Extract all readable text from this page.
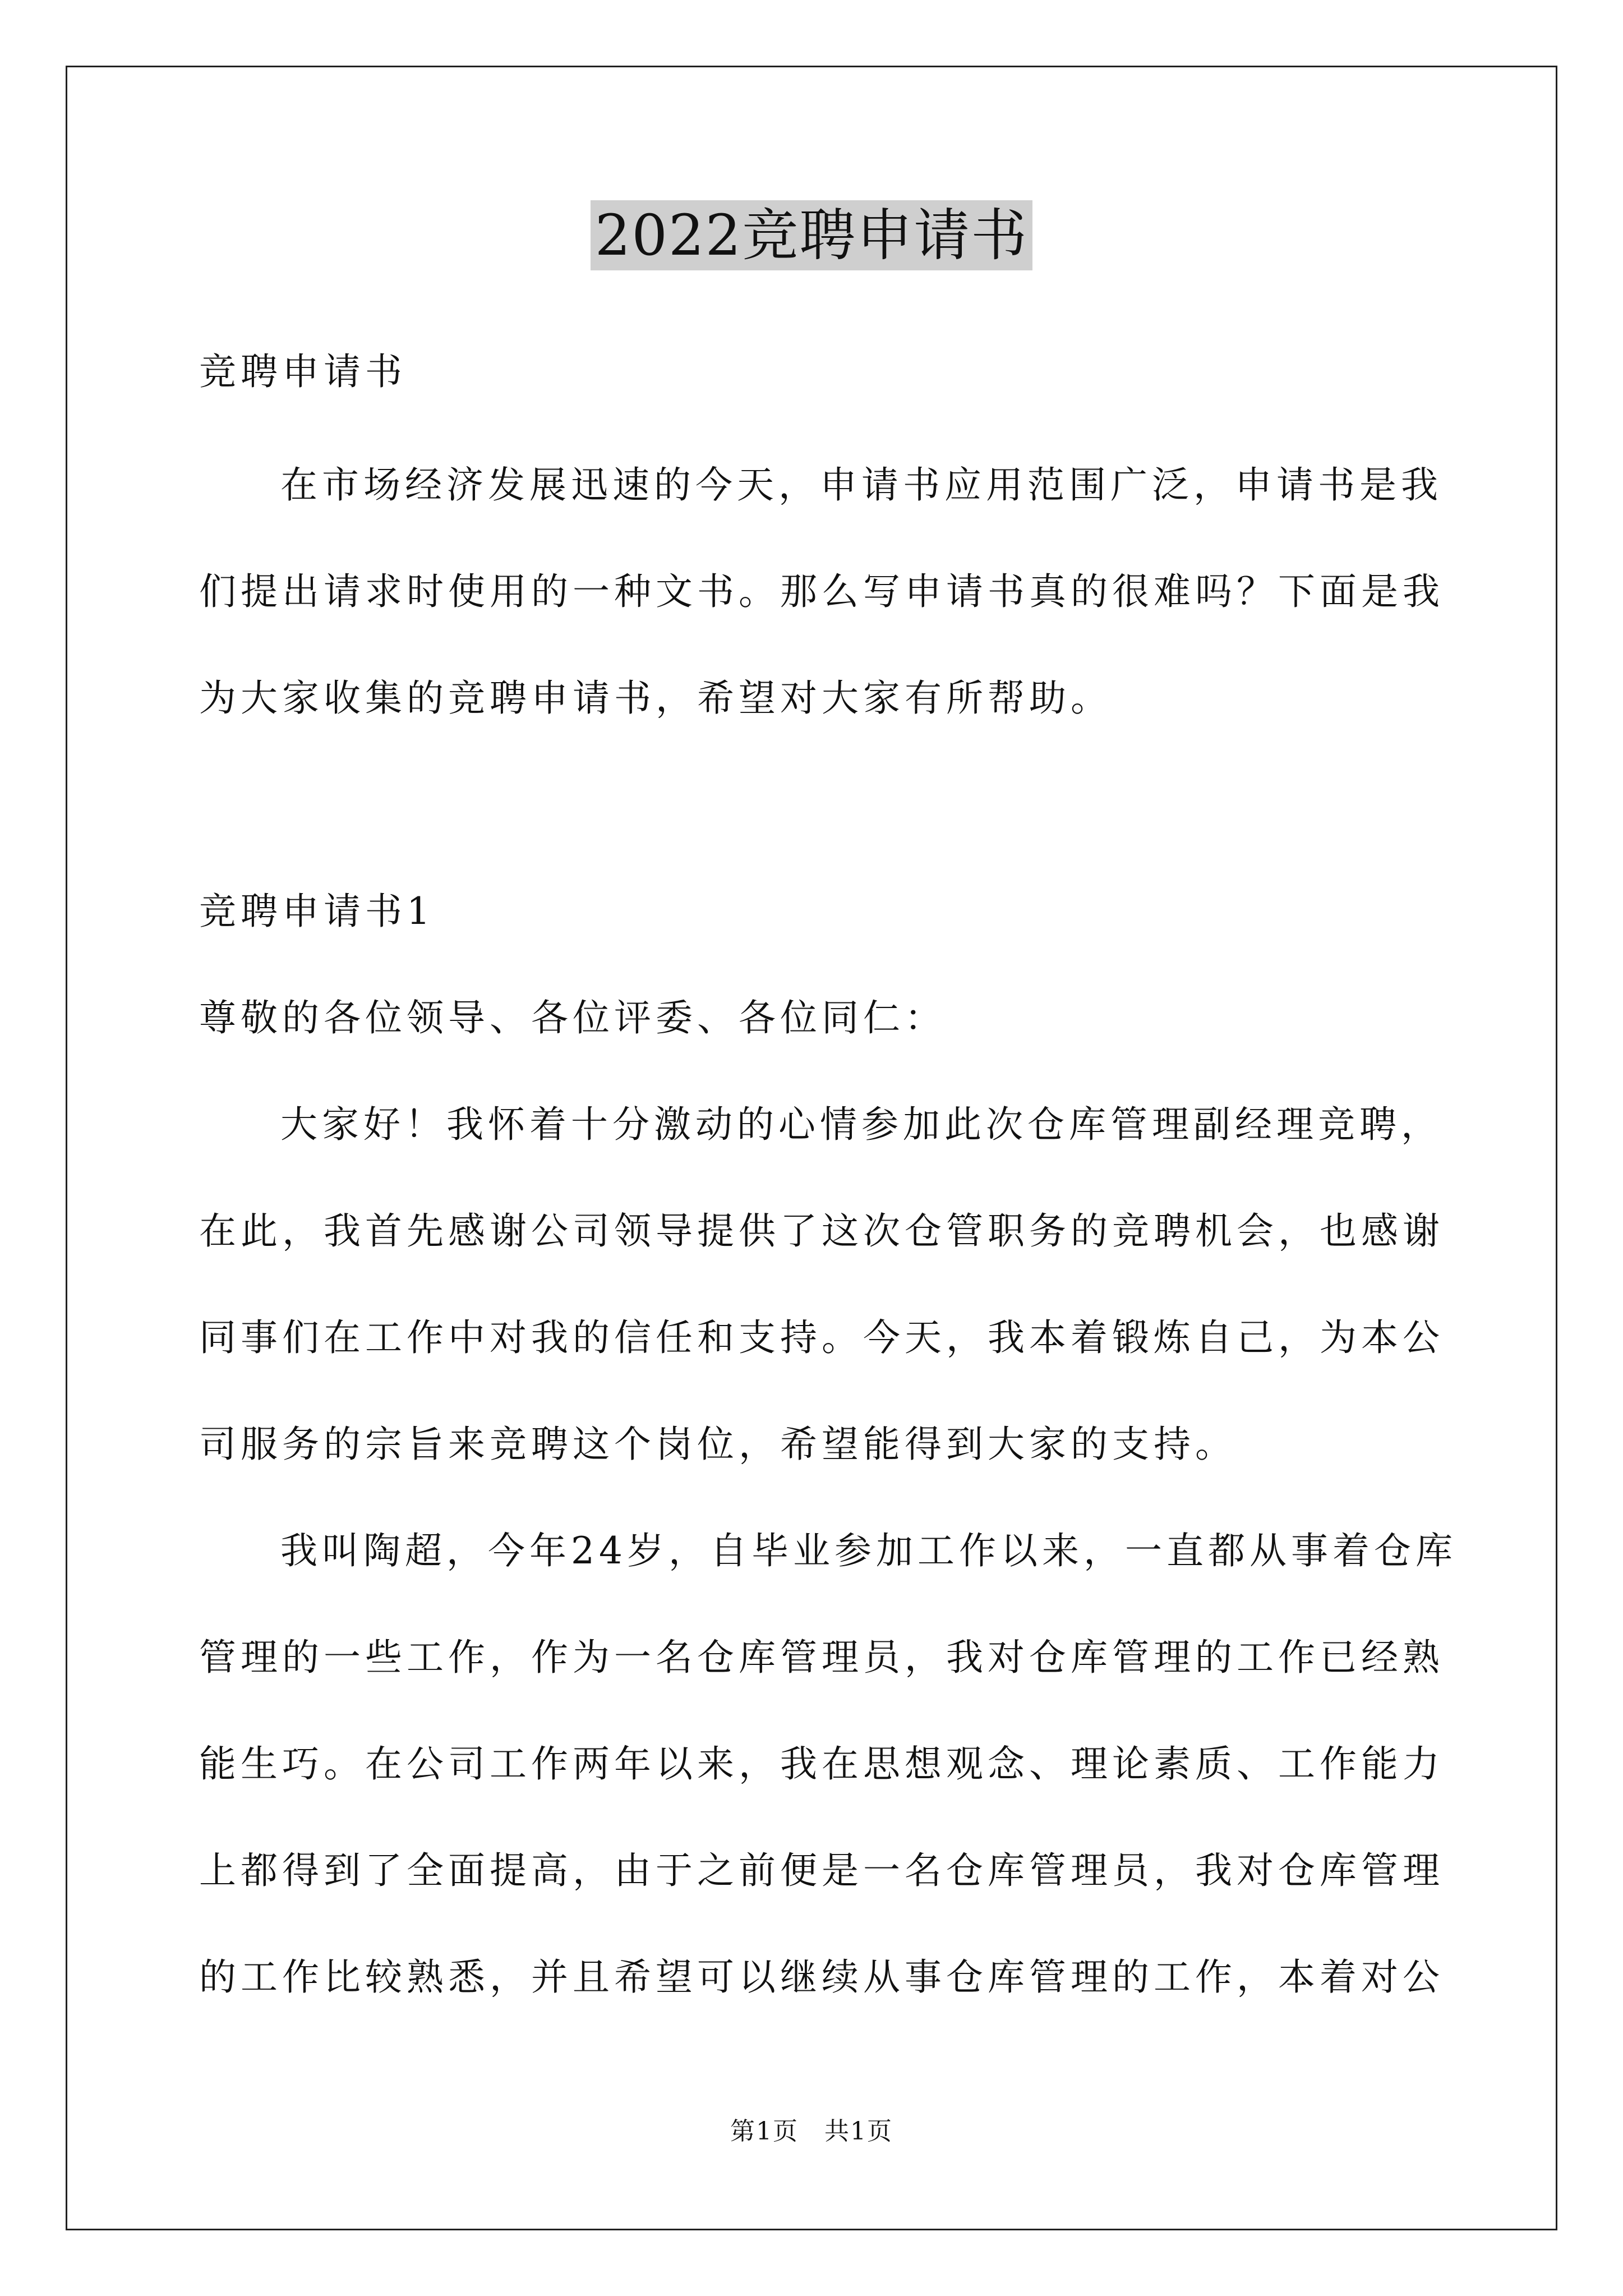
2022竞聘申请书
竞聘申请书
在市场经济发展迅速的今天，申请书应用范围广泛，申请书是我
们提出请求时使用的一种文书。那么写申请书真的很难吗？下面是我
为大家收集的竞聘申请书，希望对大家有所帮助。
竞聘申请书1
尊敬的各位领导、各位评委、各位同仁：
大家好！我怀着十分激动的心情参加此次仓库管理副经理竞聘，
在此，我首先感谢公司领导提供了这次仓管职务的竞聘机会，也感谢
同事们在工作中对我的信任和支持。今天，我本着锻炼自己，为本公
司服务的宗旨来竞聘这个岗位，希望能得到大家的支持。
我叫陶超，今年24岁，自毕业参加工作以来，一直都从事着仓库
管理的一些工作，作为一名仓库管理员，我对仓库管理的工作已经熟
能生巧。在公司工作两年以来，我在思想观念、理论素质、工作能力
上都得到了全面提高，由于之前便是一名仓库管理员，我对仓库管理
的工作比较熟悉，并且希望可以继续从事仓库管理的工作，本着对公
第1页　共1页
